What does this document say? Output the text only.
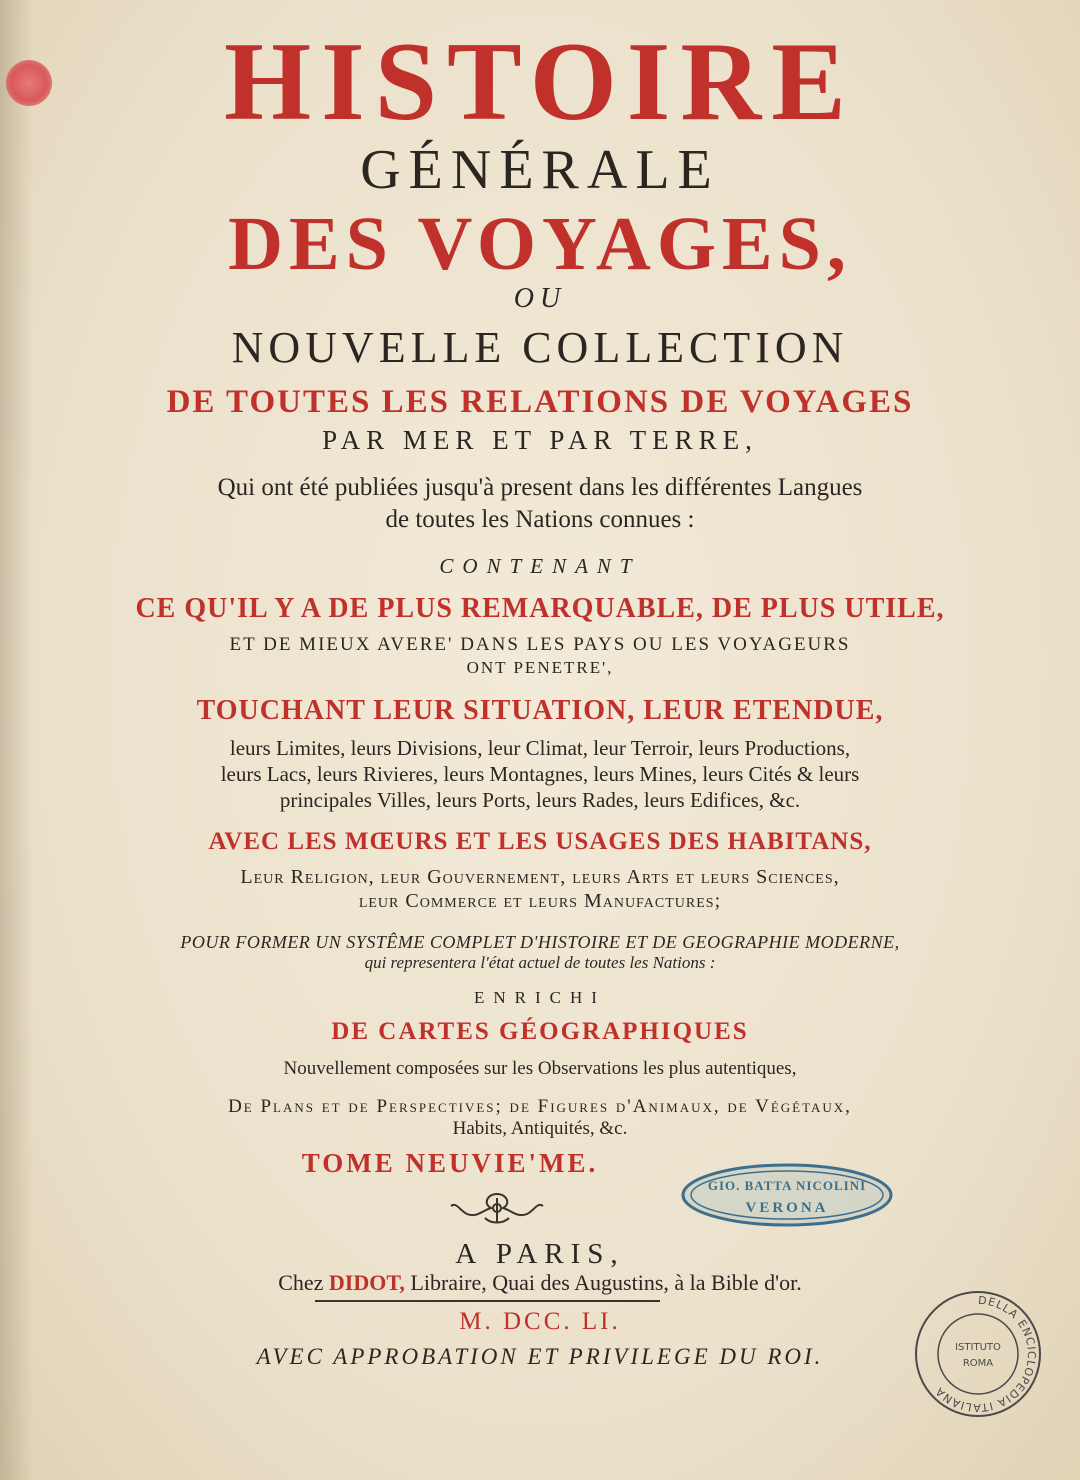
HISTOIRE
GÉNÉRALE
DES VOYAGES,
OU
NOUVELLE COLLECTION
DE TOUTES LES RELATIONS DE VOYAGES
PAR MER ET PAR TERRE,
Qui ont été publiées jusqu'à present dans les différentes Langues
de toutes les Nations connues :
CONTENANT
CE QU'IL Y A DE PLUS REMARQUABLE, DE PLUS UTILE,
ET DE MIEUX AVERE' DANS LES PAYS OU LES VOYAGEURS
ONT PENETRE',
TOUCHANT LEUR SITUATION, LEUR ETENDUE,
leurs Limites, leurs Divisions, leur Climat, leur Terroir, leurs Productions,
leurs Lacs, leurs Rivieres, leurs Montagnes, leurs Mines, leurs Cités & leurs
principales Villes, leurs Ports, leurs Rades, leurs Edifices, &c.
AVEC LES MŒURS ET LES USAGES DES HABITANS,
Leur Religion, leur Gouvernement, leurs Arts et leurs Sciences,
leur Commerce et leurs Manufactures;
POUR FORMER UN SYSTÊME COMPLET D'HISTOIRE ET DE GEOGRAPHIE MODERNE,
qui representera l'état actuel de toutes les Nations :
ENRICHI
DE CARTES GÉOGRAPHIQUES
Nouvellement composées sur les Observations les plus autentiques,
De Plans et de Perspectives; de Figures d'Animaux, de Végétaux,
Habits, Antiquités, &c.
TOME NEUVIE'ME.
GIO. BATTA NICOLINI
VERONA
A PARIS,
Chez DIDOT, Libraire, Quai des Augustins, à la Bible d'or.
M. DCC. LI.
AVEC APPROBATION ET PRIVILEGE DU ROI.
DELLA ENCICLOPEDIA ITALIANA
ISTITUTO
ROMA
